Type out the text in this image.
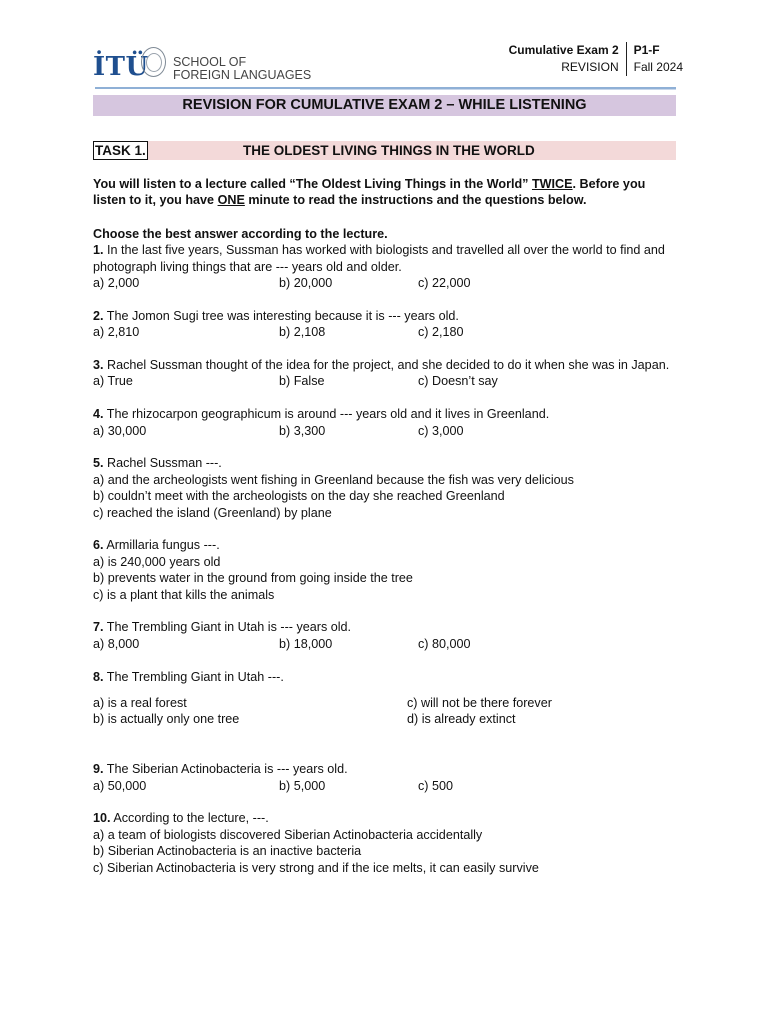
İTÜ SCHOOL OF
FOREIGN LANGUAGES
Cumulative Exam 2
REVISION
P1-F
Fall 2024
REVISION FOR CUMULATIVE EXAM 2 – WHILE LISTENING
TASK 1.	THE OLDEST LIVING THINGS IN THE WORLD

You will listen to a lecture called “The Oldest Living Things in the World” TWICE. Before you listen to it, you have ONE minute to read the instructions and the questions below.

Choose the best answer according to the lecture.

1. In the last five years, Sussman has worked with biologists and travelled all over the world to find and photograph living things that are --- years old and older.

a) 2,000	b) 20,000	c) 22,000

2. The Jomon Sugi tree was interesting because it is --- years old.

a) 2,810	b) 2,108	c) 2,180

3. Rachel Sussman thought of the idea for the project, and she decided to do it when she was in Japan.

a) True	b) False	c) Doesn’t say

4. The rhizocarpon geographicum is around --- years old and it lives in Greenland.

a) 30,000	b) 3,300	c) 3,000

5. Rachel Sussman ---.

a) and the archeologists went fishing in Greenland because the fish was very delicious
b) couldn’t meet with the archeologists on the day she reached Greenland
c) reached the island (Greenland) by plane

6. Armillaria fungus ---.

a) is 240,000 years old
b) prevents water in the ground from going inside the tree
c) is a plant that kills the animals

7. The Trembling Giant in Utah is --- years old.

a) 8,000	b) 18,000	c) 80,000

8. The Trembling Giant in Utah ---.

a) is a real forest	c) will not be there forever
b) is actually only one tree	d) is already extinct

9. The Siberian Actinobacteria is --- years old.

a) 50,000	b) 5,000	c) 500

10. According to the lecture, ---.

a) a team of biologists discovered Siberian Actinobacteria accidentally
b) Siberian Actinobacteria is an inactive bacteria
c) Siberian Actinobacteria is very strong and if the ice melts, it can easily survive
